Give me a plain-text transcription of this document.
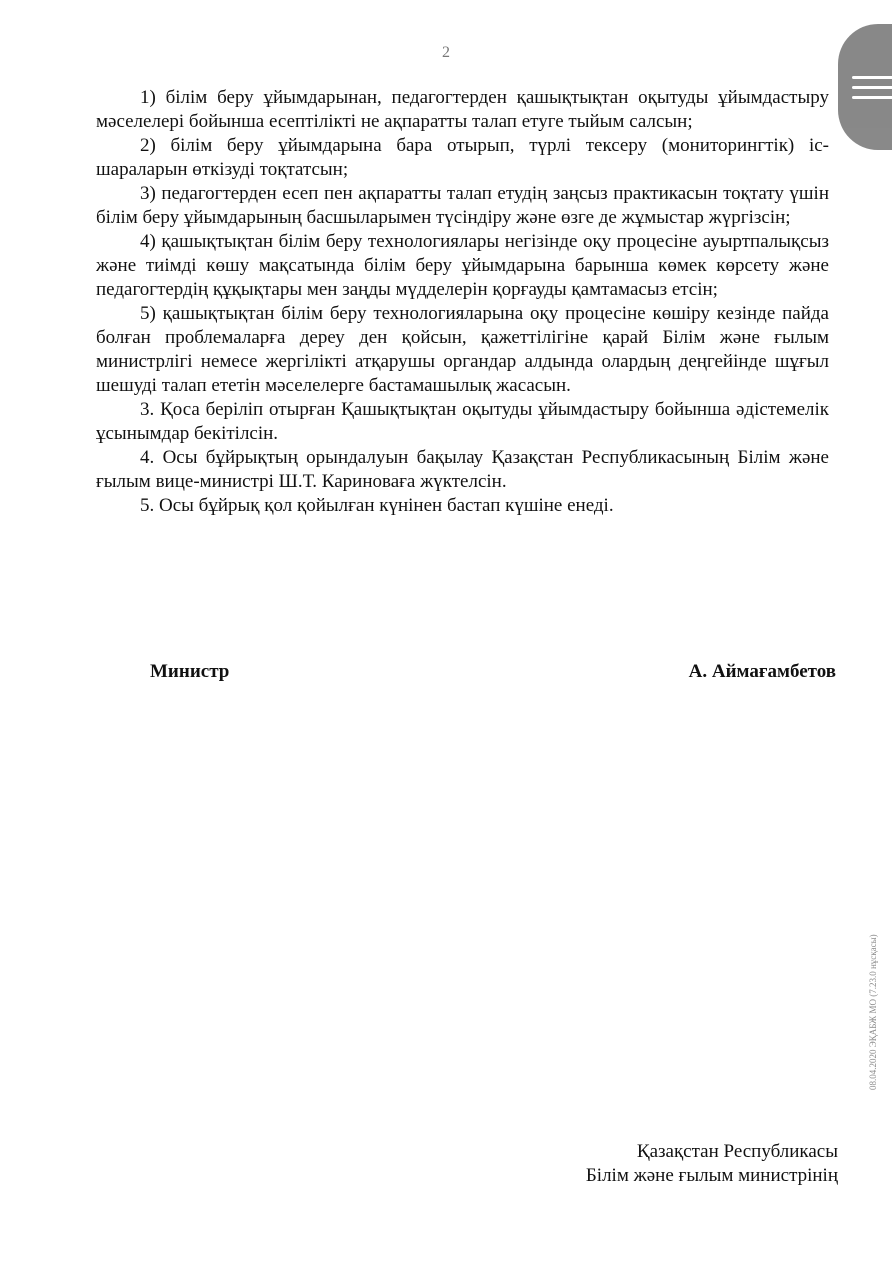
2

1) білім беру ұйымдарынан, педагогтерден қашықтықтан оқытуды ұйымдастыру мәселелері бойынша есептілікті не ақпаратты талап етуге тыйым салсын;

2) білім беру ұйымдарына бара отырып, түрлі тексеру (мониторингтік) іс-шараларын өткізуді тоқтатсын;

3) педагогтерден есеп пен ақпаратты талап етудің заңсыз практикасын тоқтату үшін білім беру ұйымдарының басшыларымен түсіндіру және өзге де жұмыстар жүргізсін;

4) қашықтықтан білім беру технологиялары негізінде оқу процесіне ауыртпалықсыз және тиімді көшу мақсатында білім беру ұйымдарына барынша көмек көрсету және педагогтердің құқықтары мен заңды мүдделерін қорғауды қамтамасыз етсін;

5) қашықтықтан білім беру технологияларына оқу процесіне көшіру кезінде пайда болған проблемаларға дереу ден қойсын, қажеттілігіне қарай Білім және ғылым министрлігі немесе жергілікті атқарушы органдар алдында олардың деңгейінде шұғыл шешуді талап ететін мәселелерге бастамашылық жасасын.

3. Қоса беріліп отырған Қашықтықтан оқытуды ұйымдастыру бойынша әдістемелік ұсынымдар бекітілсін.

4. Осы бұйрықтың орындалуын бақылау Қазақстан Республикасының Білім және ғылым вице-министрі Ш.Т. Кариноваға жүктелсін.

5. Осы бұйрық қол қойылған күнінен бастап күшіне енеді.

Министр	А. Аймағамбетов
08.04.2020 ЭҚАБЖ МО (7.23.0 нұсқасы)
Қазақстан Республикасы
Білім және ғылым министрінің
